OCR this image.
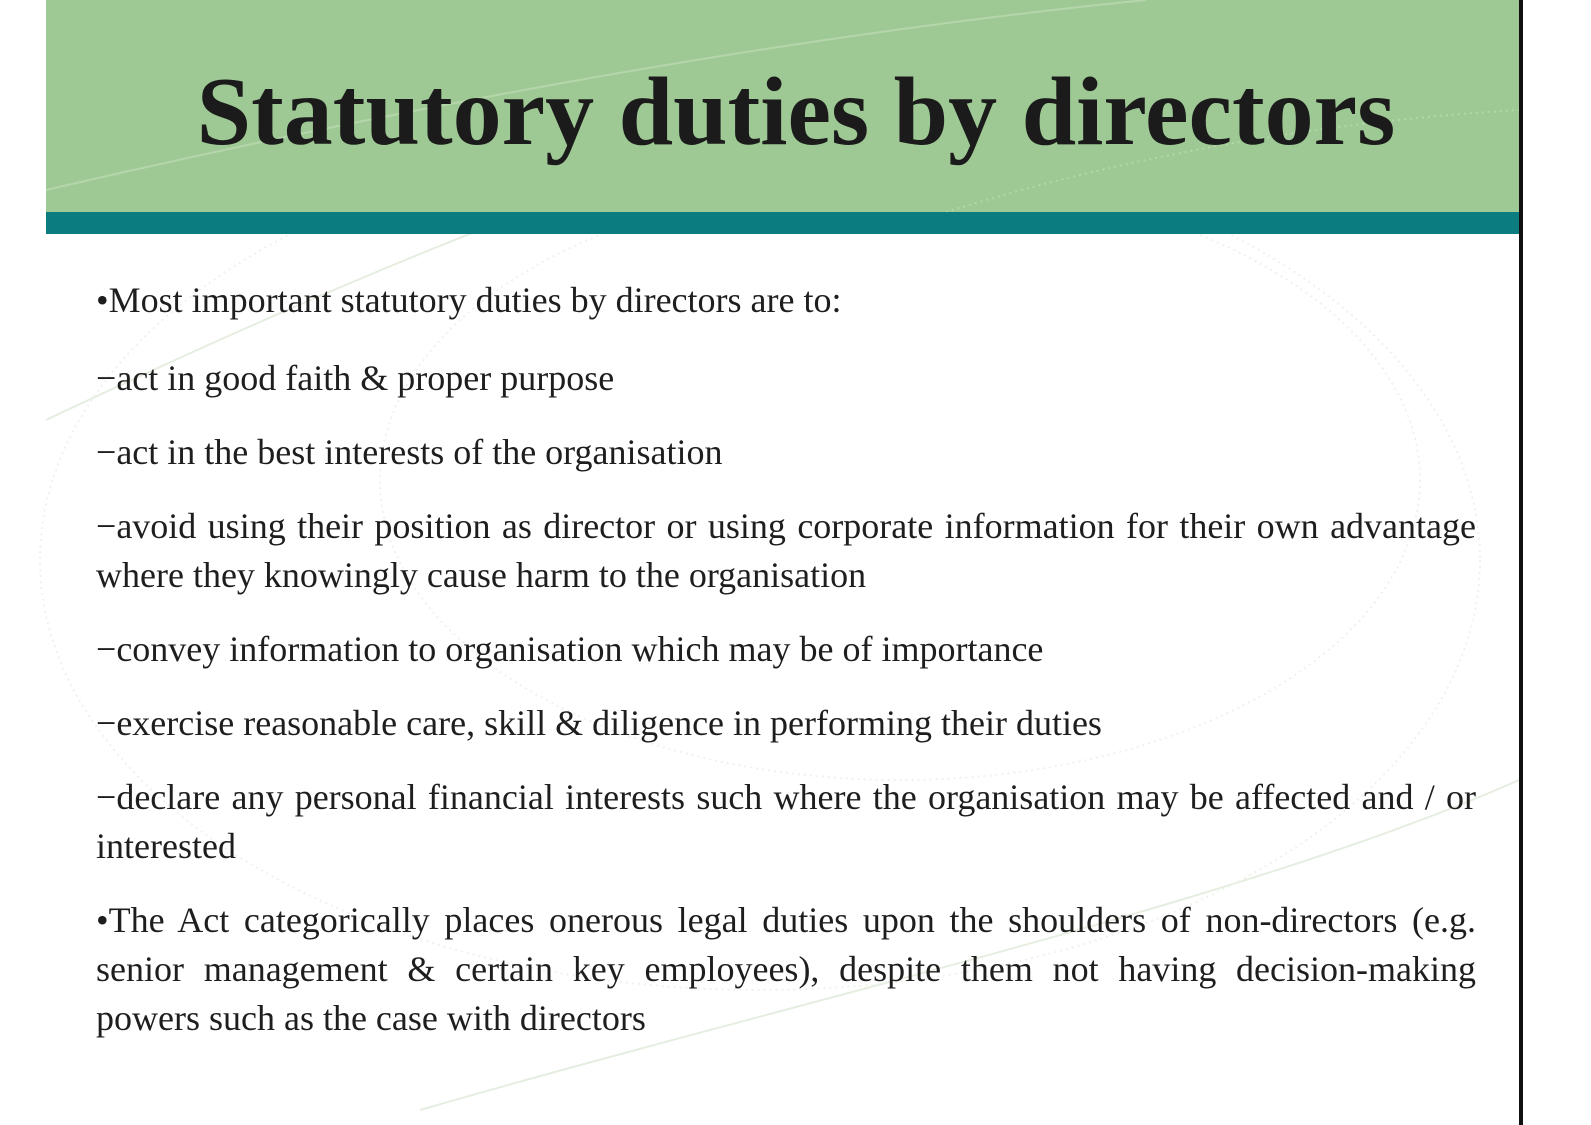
Statutory duties by directors

•Most important statutory duties by directors are to:

−act in good faith & proper purpose

−act in the best interests of the organisation

−avoid using their position as director or using corporate information for their own advantage where they knowingly cause harm to the organisation

−convey information to organisation which may be of importance

−exercise reasonable care, skill & diligence in performing their duties

−declare any personal financial interests such where the organisation may be affected and / or interested

•The Act categorically places onerous legal duties upon the shoulders of non-directors (e.g. senior management & certain key employees), despite them not having decision-making powers such as the case with directors
